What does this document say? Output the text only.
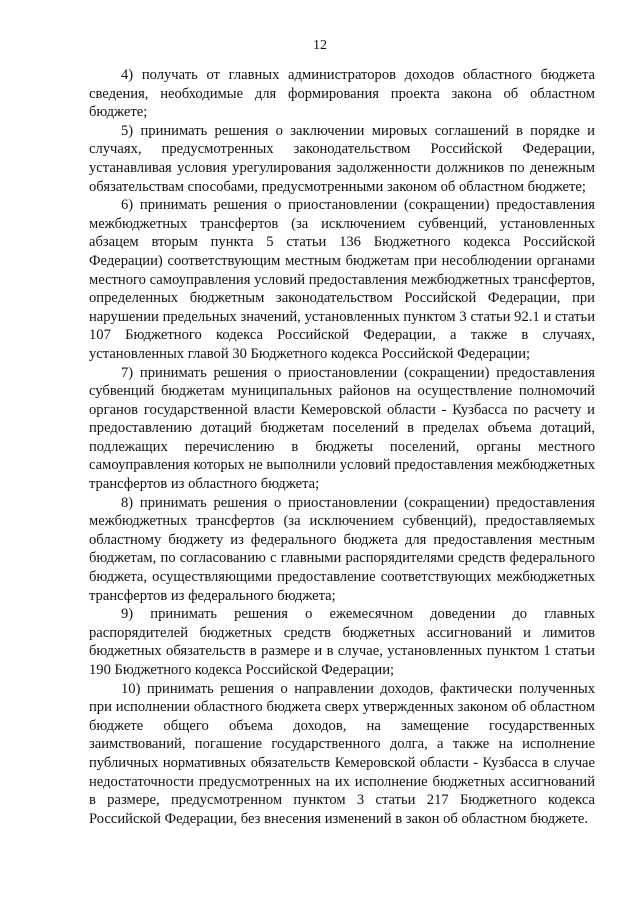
12

4) получать от главных администраторов доходов областного бюджета сведения, необходимые для формирования проекта закона об областном бюджете;

5) принимать решения о заключении мировых соглашений в порядке и случаях, предусмотренных законодательством Российской Федерации, устанавливая условия урегулирования задолженности должников по денежным обязательствам способами, предусмотренными законом об областном бюджете;

6) принимать решения о приостановлении (сокращении) предоставления межбюджетных трансфертов (за исключением субвенций, установленных абзацем вторым пункта 5 статьи 136 Бюджетного кодекса Российской Федерации) соответствующим местным бюджетам при несоблюдении органами местного самоуправления условий предоставления межбюджетных трансфертов, определенных бюджетным законодательством Российской Федерации, при нарушении предельных значений, установленных пунктом 3 статьи 92.1 и статьи 107 Бюджетного кодекса Российской Федерации, а также в случаях, установленных главой 30 Бюджетного кодекса Российской Федерации;

7) принимать решения о приостановлении (сокращении) предоставления субвенций бюджетам муниципальных районов на осуществление полномочий органов государственной власти Кемеровской области - Кузбасса по расчету и предоставлению дотаций бюджетам поселений в пределах объема дотаций, подлежащих перечислению в бюджеты поселений, органы местного самоуправления которых не выполнили условий предоставления межбюджетных трансфертов из областного бюджета;

8) принимать решения о приостановлении (сокращении) предоставления межбюджетных трансфертов (за исключением субвенций), предоставляемых областному бюджету из федерального бюджета для предоставления местным бюджетам, по согласованию с главными распорядителями средств федерального бюджета, осуществляющими предоставление соответствующих межбюджетных трансфертов из федерального бюджета;

9) принимать решения о ежемесячном доведении до главных распорядителей бюджетных средств бюджетных ассигнований и лимитов бюджетных обязательств в размере и в случае, установленных пунктом 1 статьи 190 Бюджетного кодекса Российской Федерации;

10) принимать решения о направлении доходов, фактически полученных при исполнении областного бюджета сверх утвержденных законом об областном бюджете общего объема доходов, на замещение государственных заимствований, погашение государственного долга, а также на исполнение публичных нормативных обязательств Кемеровской области - Кузбасса в случае недостаточности предусмотренных на их исполнение бюджетных ассигнований в размере, предусмотренном пунктом 3 статьи 217 Бюджетного кодекса Российской Федерации, без внесения изменений в закон об областном бюджете.
